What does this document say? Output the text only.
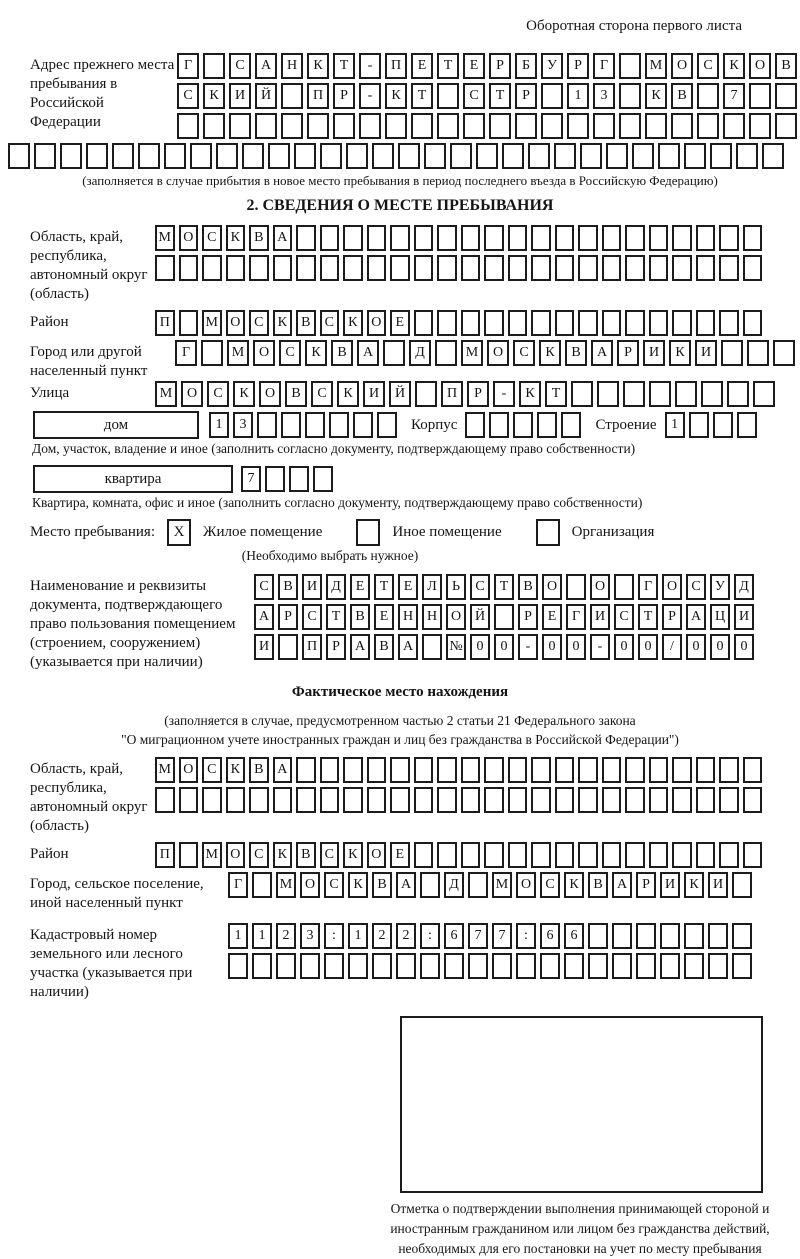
Оборотная сторона первого листа
Адрес прежнего места пребывания в Российской Федерации
Г	С	А	Н	К	Т	-	П	Е	Т	Е	Р	Б	У	Р	Г	М	О	С	К	О	В
С	К	И	Й	П	Р	-	К	Т	С	Т	Р	1	3	К	В	7
(заполняется в случае прибытия в новое место пребывания в период последнего въезда в Российскую Федерацию)
2. СВЕДЕНИЯ О МЕСТЕ ПРЕБЫВАНИЯ
Область, край, республика, автономный округ (область)
М О С	К	В А
Район	П	М О С	К	В	С	К О	Е
Город или другой населенный пункт
Г	М	О	С	К	В	А	Д	М	О	С	К	В	А	Р	И	К	И
Улица	М	О	С	К	О	В	С	К	И	Й	П	Р	-	К	Т
дом	1	3	Корпус	Строение	1
Дом, участок, владение и иное (заполнить согласно документу, подтверждающему право собственности)
квартира	7
Квартира, комната, офис и иное (заполнить согласно документу, подтверждающему право собственности)
Место пребывания:	X	Жилое помещение	Иное помещение	Организация
(Необходимо выбрать нужное)
Наименование и реквизиты документа, подтверждающего право пользования помещением (строением, сооружением) (указывается при наличии)
С	В	И	Д	Е	Т	Е	Л	Ь	С	Т	В	О	О	Г	О	С	У	Д
А	Р	С	Т	В	Е	Н Н О Й	Р	Е	Г	И	С	Т	Р	А Ц И
И	П	Р	А	В	А	№ 0	0	-	0	0	-	0	0	/	0	0	0
Фактическое место нахождения
(заполняется в случае, предусмотренном частью 2 статьи 21 Федерального закона
"О миграционном учете иностранных граждан и лиц без гражданства в Российской Федерации")
Область, край, республика, автономный округ (область)
М О С	К	В А
Район	П	М О С	К	В	С	К О	Е
Город, сельское поселение, иной населенный пункт
Г	М О	С	К	В	А	Д	М О	С	К	В	А	Р	И	К	И
Кадастровый номер земельного или лесного участка (указывается при наличии)
1	1	2	3	:	1	2	2	:	6	7	7	:	6	6
Отметка о подтверждении выполнения принимающей стороной и иностранным гражданином или лицом без гражданства действий, необходимых для его постановки на учет по месту пребывания
